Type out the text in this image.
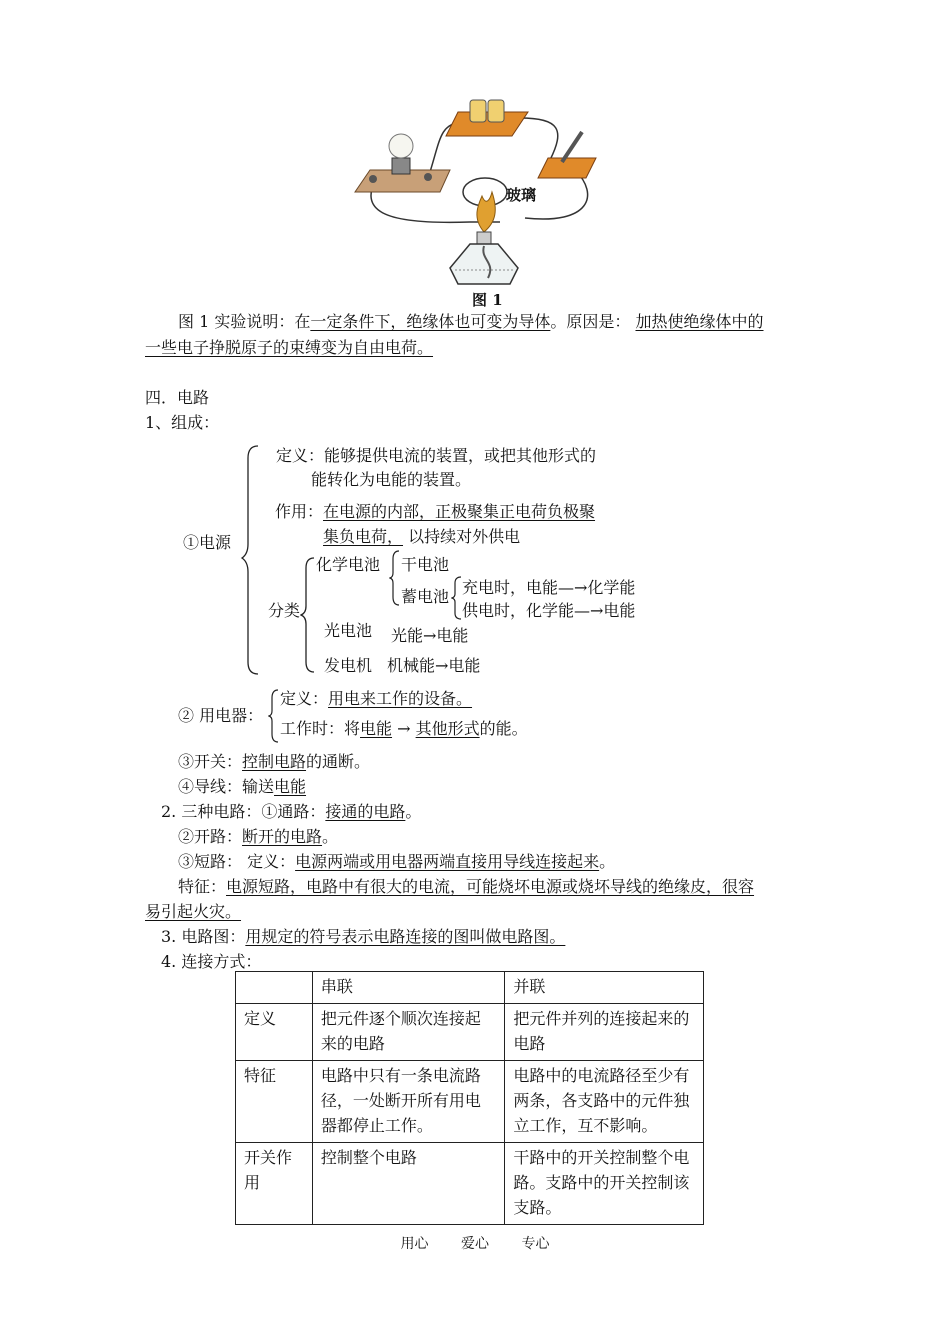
玻璃
图 1
图 1 实验说明：在一定条件下，绝缘体也可变为导体。原因是： 加热使绝缘体中的
一些电子挣脱原子的束缚变为自由电荷。
四．电路
1、组成：
①电源
定义：能够提供电流的装置，或把其他形式的
能转化为电能的装置。
作用：在电源的内部，正极聚集正电荷负极聚
集负电荷， 以持续对外供电
分类
化学电池 干电池
蓄电池 充电时，电能—→化学能
供电时，化学能—→电能
光电池 光能→电能
发电机 机械能→电能
② 用电器：
定义：用电来工作的设备。
工作时：将电能 → 其他形式的能。
③开关：控制电路的通断。
④导线：输送电能
2. 三种电路：①通路：接通的电路。
②开路：断开的电路。
③短路： 定义：电源两端或用电器两端直接用导线连接起来。
特征：电源短路，电路中有很大的电流，可能烧坏电源或烧坏导线的绝缘皮，很容
易引起火灾。
3. 电路图：用规定的符号表示电路连接的图叫做电路图。
4. 连接方式：
	串联	并联
定义	把元件逐个顺次连接起来的电路	把元件并列的连接起来的电路
特征	电路中只有一条电流路径，一处断开所有用电器都停止工作。	电路中的电流路径至少有两条，各支路中的元件独立工作，互不影响。
开关作用	控制整个电路	干路中的开关控制整个电路。支路中的开关控制该支路。
用心 爱心 专心
